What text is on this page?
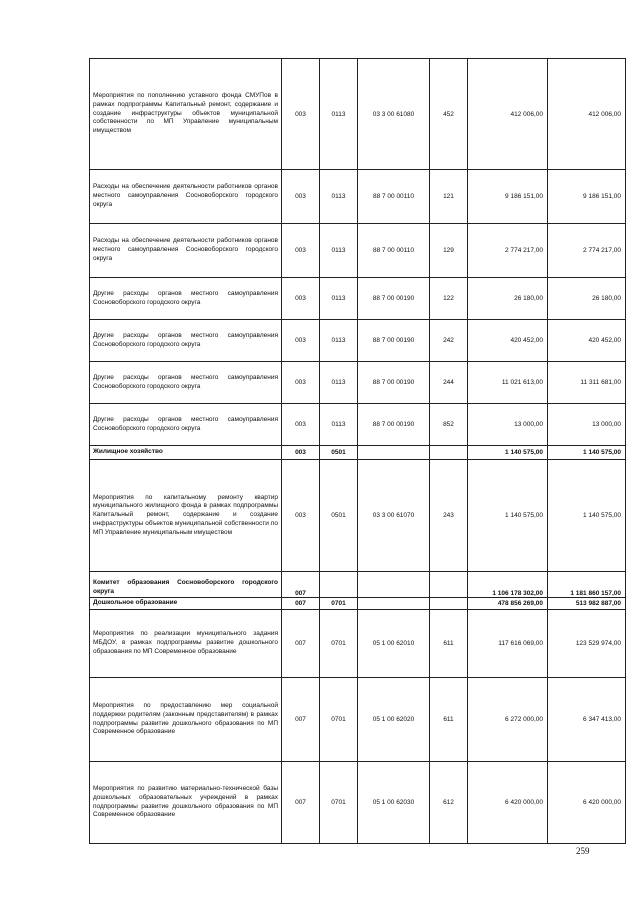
Мероприятия по пополнению уставного фонда СМУПов в рамках подпрограммы Капитальный ремонт, содержание и создание инфраструктуры объектов муниципальной собственности по МП Управление муниципальным имуществом	003	0113	03 3 00 61080	452	412 006,00	412 006,00
Расходы на обеспечение деятельности работников органов местного самоуправления Сосновоборского городского округа	003	0113	88 7 00 00110	121	9 186 151,00	9 186 151,00
Расходы на обеспечение деятельности работников органов местного самоуправления Сосновоборского городского округа	003	0113	88 7 00 00110	129	2 774 217,00	2 774 217,00
Другие расходы органов местного самоуправления Сосновоборского городского округа	003	0113	88 7 00 00190	122	26 180,00	26 180,00
Другие расходы органов местного самоуправления Сосновоборского городского округа	003	0113	88 7 00 00190	242	420 452,00	420 452,00
Другие расходы органов местного самоуправления Сосновоборского городского округа	003	0113	88 7 00 00190	244	11 021 613,00	11 311 681,00
Другие расходы органов местного самоуправления Сосновоборского городского округа	003	0113	88 7 00 00190	852	13 000,00	13 000,00
Жилищное хозяйство	003	0501			1 140 575,00	1 140 575,00
Мероприятия по капитальному ремонту квартир муниципального жилищного фонда в рамках подпрограммы Капитальный ремонт, содержание и создание инфраструктуры объектов муниципальной собственности по МП Управление муниципальным имуществом	003	0501	03 3 00 61070	243	1 140 575,00	1 140 575,00
Комитет образования Сосновоборского городского округа	007				1 106 178 302,00	1 181 860 157,00
Дошкольное образование	007	0701			478 856 269,00	513 982 887,00
Мероприятия по реализации муниципального задания МБДОУ, в рамках подпрограммы развитие дошкольного образования по МП Современное образование	007	0701	05 1 00 62010	611	117 616 069,00	123 529 974,00
Мероприятия по предоставлению мер социальной поддержки родителям (законным представителям) в рамках подпрограммы развитие дошкольного образования по МП Современное образование	007	0701	05 1 00 62020	611	6 272 000,00	6 347 413,00
Мероприятия по развитию материально-технической базы дошкольных образовательных учреждений в рамках подпрограммы развитие дошкольного образования по МП Современное образование	007	0701	05 1 00 62030	612	6 420 000,00	6 420 000,00
259
